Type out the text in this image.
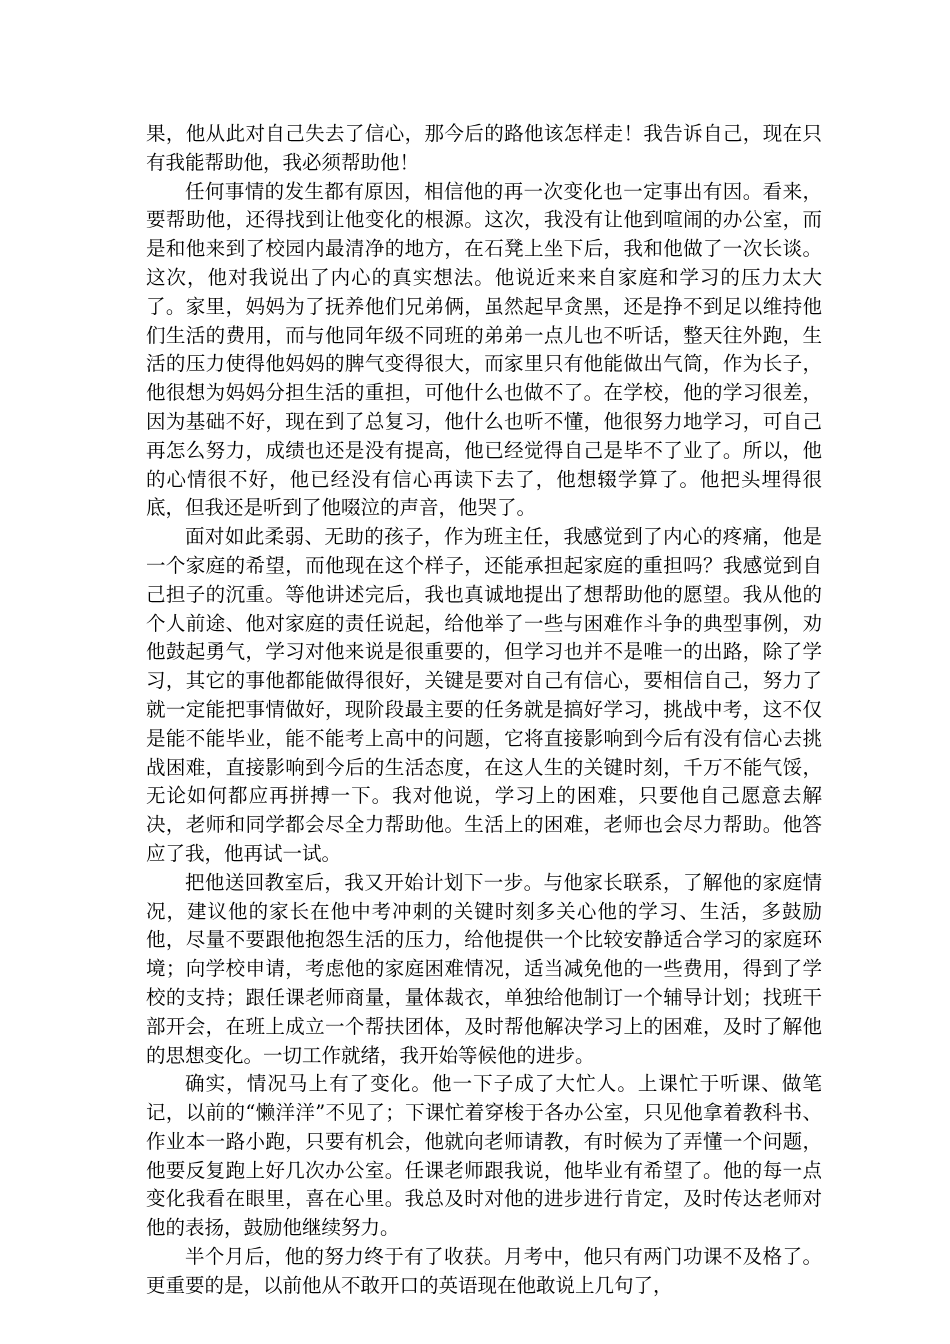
果，他从此对自己失去了信心，那今后的路他该怎样走！我告诉自己，现在只有我能帮助他，我必须帮助他！

任何事情的发生都有原因，相信他的再一次变化也一定事出有因。看来，要帮助他，还得找到让他变化的根源。这次，我没有让他到喧闹的办公室，而是和他来到了校园内最清净的地方，在石凳上坐下后，我和他做了一次长谈。这次，他对我说出了内心的真实想法。他说近来来自家庭和学习的压力太大了。家里，妈妈为了抚养他们兄弟俩，虽然起早贪黑，还是挣不到足以维持他们生活的费用，而与他同年级不同班的弟弟一点儿也不听话，整天往外跑，生活的压力使得他妈妈的脾气变得很大，而家里只有他能做出气筒，作为长子，他很想为妈妈分担生活的重担，可他什么也做不了。在学校，他的学习很差，因为基础不好，现在到了总复习，他什么也听不懂，他很努力地学习，可自己再怎么努力，成绩也还是没有提高，他已经觉得自己是毕不了业了。所以，他的心情很不好，他已经没有信心再读下去了，他想辍学算了。他把头埋得很底，但我还是听到了他啜泣的声音，他哭了。

面对如此柔弱、无助的孩子，作为班主任，我感觉到了内心的疼痛，他是一个家庭的希望，而他现在这个样子，还能承担起家庭的重担吗？我感觉到自己担子的沉重。等他讲述完后，我也真诚地提出了想帮助他的愿望。我从他的个人前途、他对家庭的责任说起，给他举了一些与困难作斗争的典型事例，劝他鼓起勇气，学习对他来说是很重要的，但学习也并不是唯一的出路，除了学习，其它的事他都能做得很好，关键是要对自己有信心，要相信自己，努力了就一定能把事情做好，现阶段最主要的任务就是搞好学习，挑战中考，这不仅是能不能毕业，能不能考上高中的问题，它将直接影响到今后有没有信心去挑战困难，直接影响到今后的生活态度，在这人生的关键时刻，千万不能气馁，无论如何都应再拼搏一下。我对他说，学习上的困难，只要他自己愿意去解决，老师和同学都会尽全力帮助他。生活上的困难，老师也会尽力帮助。他答应了我，他再试一试。

把他送回教室后，我又开始计划下一步。与他家长联系，了解他的家庭情况，建议他的家长在他中考冲刺的关键时刻多关心他的学习、生活，多鼓励他，尽量不要跟他抱怨生活的压力，给他提供一个比较安静适合学习的家庭环境；向学校申请，考虑他的家庭困难情况，适当减免他的一些费用，得到了学校的支持；跟任课老师商量，量体裁衣，单独给他制订一个辅导计划；找班干部开会，在班上成立一个帮扶团体，及时帮他解决学习上的困难，及时了解他的思想变化。一切工作就绪，我开始等候他的进步。

确实，情况马上有了变化。他一下子成了大忙人。上课忙于听课、做笔记，以前的“懒洋洋”不见了；下课忙着穿梭于各办公室，只见他拿着教科书、作业本一路小跑，只要有机会，他就向老师请教，有时候为了弄懂一个问题，他要反复跑上好几次办公室。任课老师跟我说，他毕业有希望了。他的每一点变化我看在眼里，喜在心里。我总及时对他的进步进行肯定，及时传达老师对他的表扬，鼓励他继续努力。

半个月后，他的努力终于有了收获。月考中，他只有两门功课不及格了。更重要的是，以前他从不敢开口的英语现在他敢说上几句了，
